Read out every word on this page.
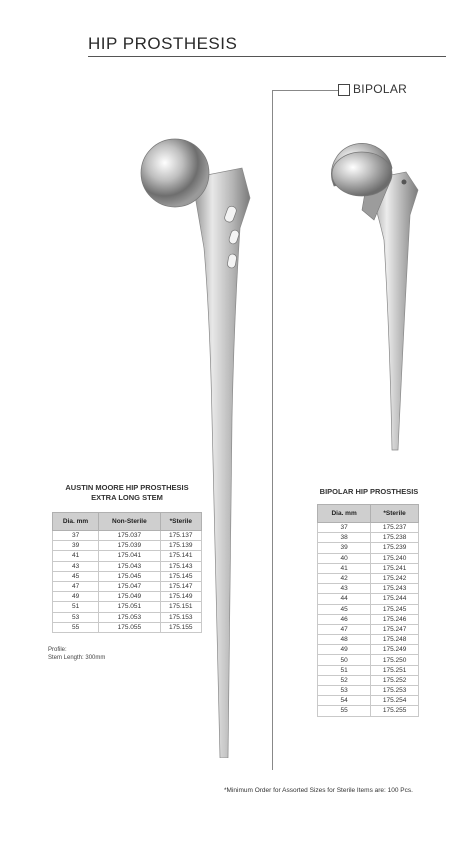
HIP PROSTHESIS
BIPOLAR
AUSTIN MOORE HIP PROSTHESIS
EXTRA LONG STEM
Dia. mm	Non-Sterile	*Sterile
37	175.037	175.137
39	175.039	175.139
41	175.041	175.141
43	175.043	175.143
45	175.045	175.145
47	175.047	175.147
49	175.049	175.149
51	175.051	175.151
53	175.053	175.153
55	175.055	175.155
Profile:
Stem Length: 300mm
BIPOLAR HIP PROSTHESIS
Dia. mm	*Sterile
37	175.237
38	175.238
39	175.239
40	175.240
41	175.241
42	175.242
43	175.243
44	175.244
45	175.245
46	175.246
47	175.247
48	175.248
49	175.249
50	175.250
51	175.251
52	175.252
53	175.253
54	175.254
55	175.255
*Minimum Order for Assorted Sizes for Sterile Items are: 100 Pcs.
